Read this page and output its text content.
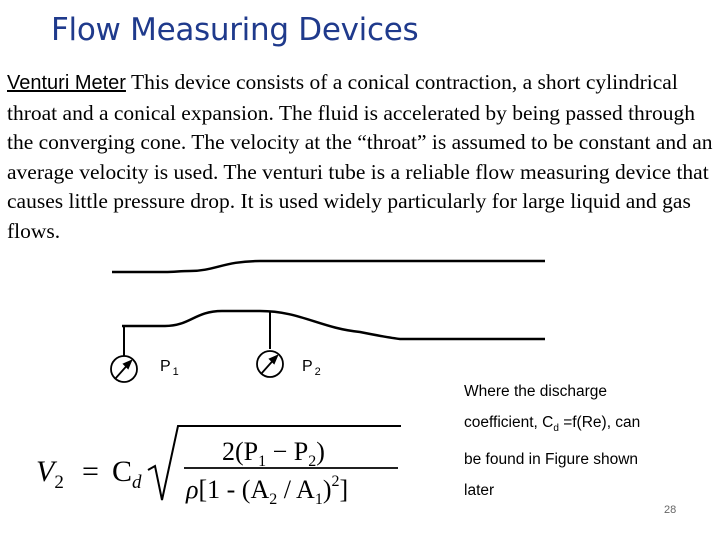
Flow Measuring Devices
Venturi Meter This device consists of a conical contraction, a short cylindrical throat and a conical expansion. The fluid is accelerated by being passed through the converging cone. The velocity at the “throat” is assumed to be constant and an average velocity is used. The venturi tube is a reliable flow measuring device that causes little pressure drop. It is used widely particularly for large liquid and gas flows.
$P_1$	$P_2$
$V_2 = C_d$
$2(P_1 - P_2)$
$\rho[1 - (A_2 / A_1)^2]$
Where the discharge
coefficient, $C_d =f(Re)$, can
be found in Figure shown
later
28
